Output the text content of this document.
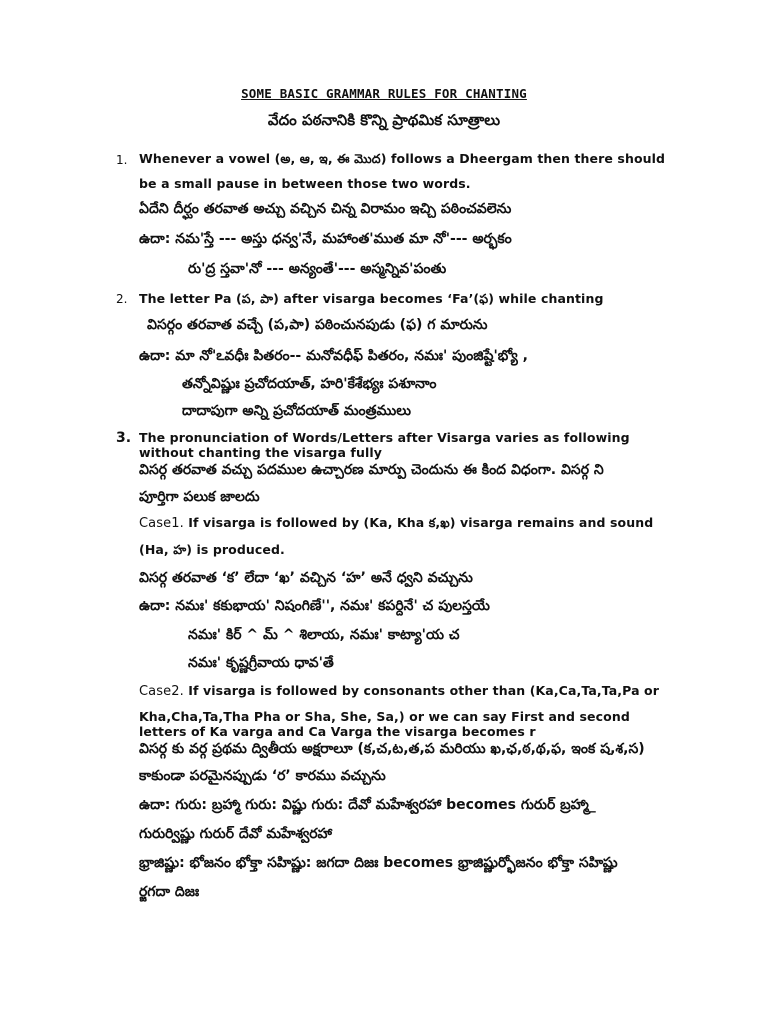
SOME BASIC GRAMMAR RULES FOR CHANTING
వేదం పఠనానికి కొన్ని ప్రాథమిక సూత్రాలు
1. Whenever a vowel (అ, ఆ, ఇ, ఈ మొద) follows a Dheergam then there should
be a small pause in between those two words.
ఏదేని దీర్ఘం తరవాత అచ్చు వచ్చిన చిన్న విరామం ఇచ్చి పఠించవలెను
ఉదా: నమ'స్తే --- అస్తు ధన్వ'నే, మహాంత'ముత మా నో'--- అర్భకం
రు'ద్ర స్తవా'నో --- అన్యంతే'--- అస్మన్నివ'పంతు
2. The letter Pa (ప, పా) after visarga becomes ‘Fa’(ఫ) while chanting
విసర్గం తరవాత వచ్చే (ప,పా) పఠించునపుడు (ఫ) గ మారును
ఉదా: మా నో'ఽవధీః పితరం-- మనోవధీఫ్ పితరం, నమః' పుంజిష్టే'భ్యో ,
తన్నోవిష్ణుః ప్రచోదయాత్, హరి'కేశేభ్యః పశూనాం
దాదాపుగా అన్ని ప్రచోదయాత్ మంత్రములు
3. The pronunciation of Words/Letters after Visarga varies as following
without chanting the visarga fully
విసర్గ తరవాత వచ్చు పదముల ఉచ్చారణ మార్పు చెందును ఈ కింద విధంగా. విసర్గ ని
పూర్తిగా పలుక జాలదు
Case1. If visarga is followed by (Ka, Kha క,ఖ) visarga remains and sound
(Ha, హ) is produced.
విసర్గ తరవాత ‘క’ లేదా ‘ఖ’ వచ్చిన ‘హ’ అనే ధ్వని వచ్చును
ఉదా: నమః' కకుభాయ' నిషంగిణే'', నమః' కపర్దినే' చ పులస్తయే
నమః' కిర్ ^ మ్ ^ శిలాయ, నమః' కాట్యా'య చ
నమః' కృష్ణగ్రీవాయ ధావ'తే
Case2. If visarga is followed by consonants other than (Ka,Ca,Ta,Ta,Pa or
Kha,Cha,Ta,Tha Pha or Sha, She, Sa,) or we can say First and second
letters of Ka varga and Ca Varga the visarga becomes r
విసర్గ కు వర్గ ప్రథమ ద్వితీయ అక్షరాలూ (క,చ,ట,త,ప మరియు ఖ,ఛ,ఠ,థ,ఫ, ఇంక ష,శ,స)
కాకుండా పరమైనప్పుడు ‘ర’ కారము వచ్చును
ఉదా: గురు: బ్రహ్మా గురు: విష్ణు గురు: దేవో మహేశ్వరహా becomes గురుర్ బ్రహ్మా_
గురుర్విష్ణు గురుర్ దేవో మహేశ్వరహా
భ్రాజిష్ణు: భోజనం భోక్తా సహిష్ణు: జగదా దిజః becomes భ్రాజిష్ణుర్భోజనం భోక్తా సహిష్ణు
ర్జగదా దిజః
